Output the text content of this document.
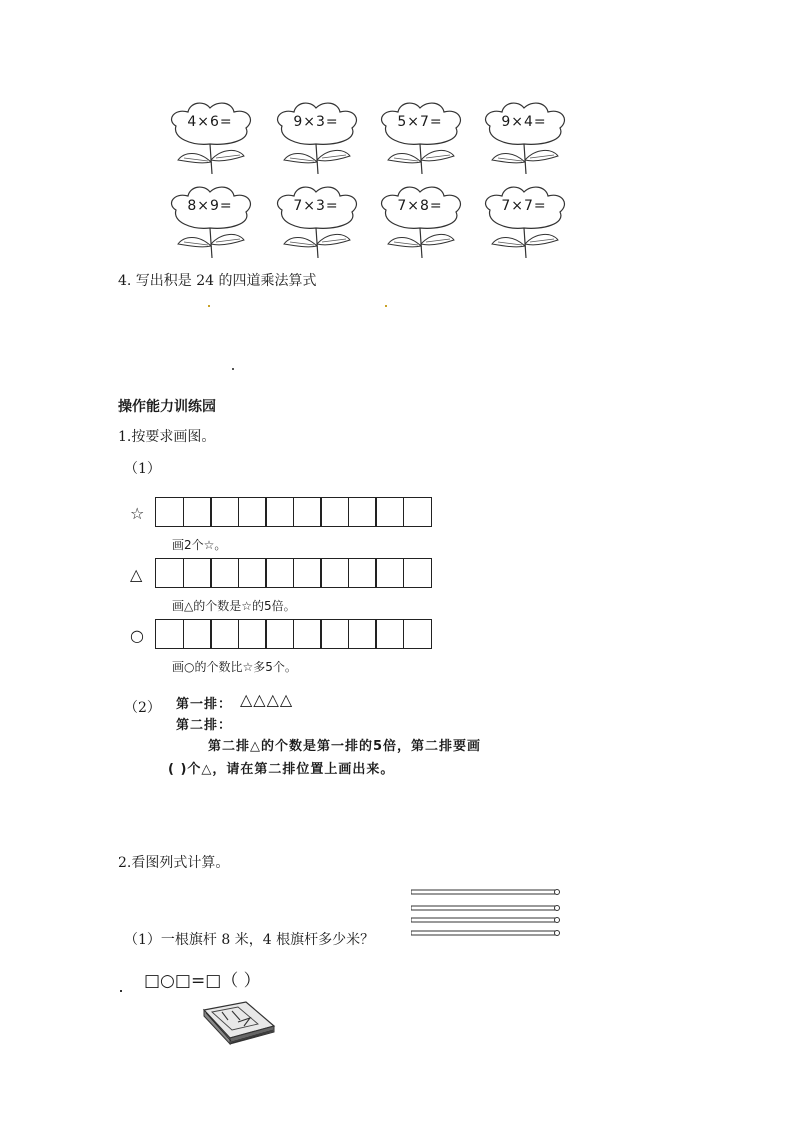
4×6=	9×3=	5×7=	9×4=
8×9=	7×3=	7×8=	7×7=
4. 写出积是 24 的四道乘法算式
操作能力训练园
1.按要求画图。
（1）
☆
画2个☆。
△
画△的个数是☆的5倍。
○
画○的个数比☆多5个。
（2） 第一排： △△△△
第二排：
第二排△的个数是第一排的5倍，第二排要画
( )个△，请在第二排位置上画出来。
2.看图列式计算。
（1）一根旗杆 8 米，4 根旗杆多少米？
□○□=□（ ）
